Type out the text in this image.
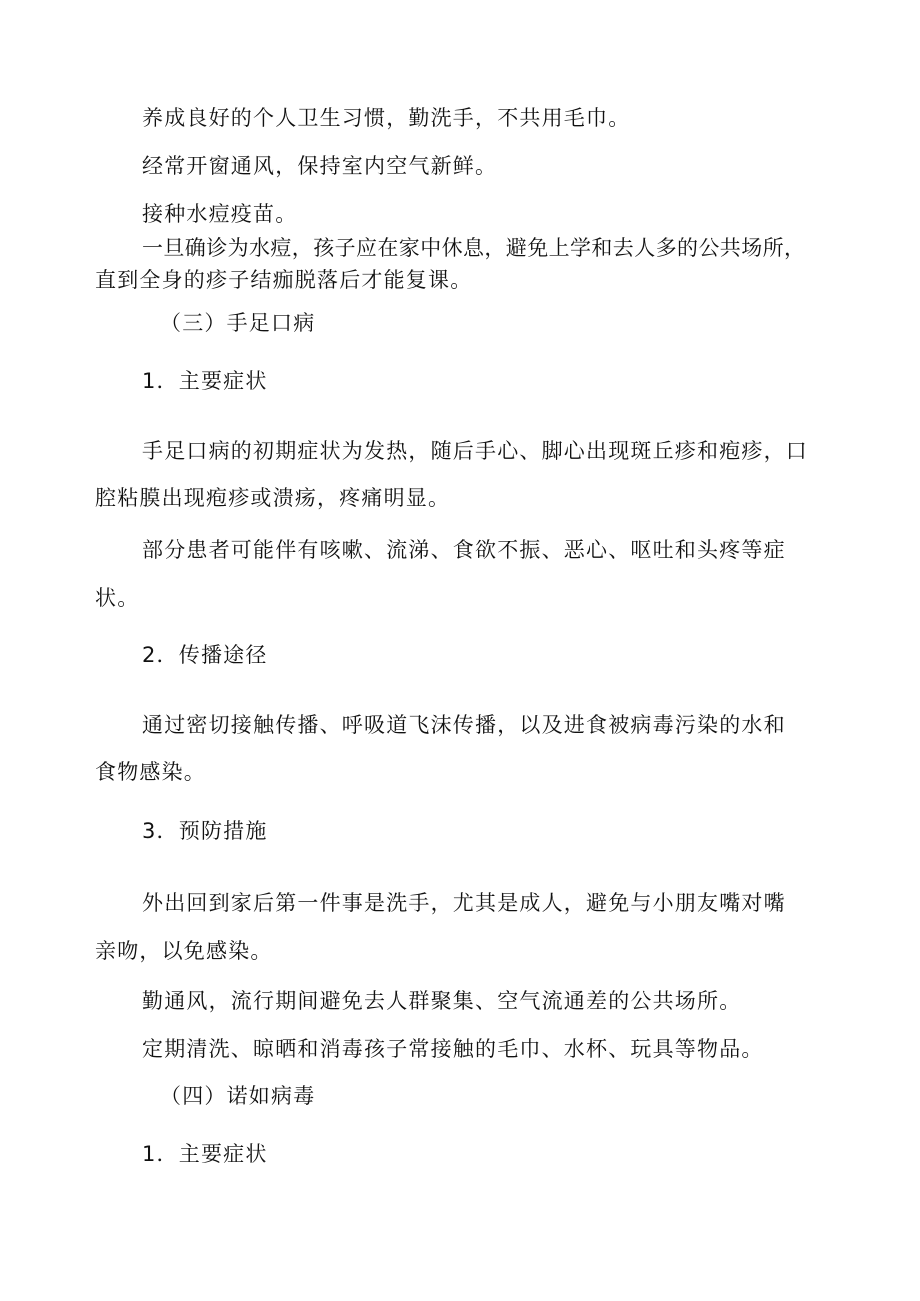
养成良好的个人卫生习惯，勤洗手，不共用毛巾。

经常开窗通风，保持室内空气新鲜。

接种水痘疫苗。

一旦确诊为水痘，孩子应在家中休息，避免上学和去人多的公共场所，

直到全身的疹子结痂脱落后才能复课。

（三）手足口病

1．主要症状

手足口病的初期症状为发热，随后手心、脚心出现斑丘疹和疱疹，口

腔粘膜出现疱疹或溃疡，疼痛明显。

部分患者可能伴有咳嗽、流涕、食欲不振、恶心、呕吐和头疼等症

状。

2．传播途径

通过密切接触传播、呼吸道飞沫传播，以及进食被病毒污染的水和

食物感染。

3．预防措施

外出回到家后第一件事是洗手，尤其是成人，避免与小朋友嘴对嘴

亲吻，以免感染。

勤通风，流行期间避免去人群聚集、空气流通差的公共场所。

定期清洗、晾晒和消毒孩子常接触的毛巾、水杯、玩具等物品。

（四）诺如病毒

1．主要症状
